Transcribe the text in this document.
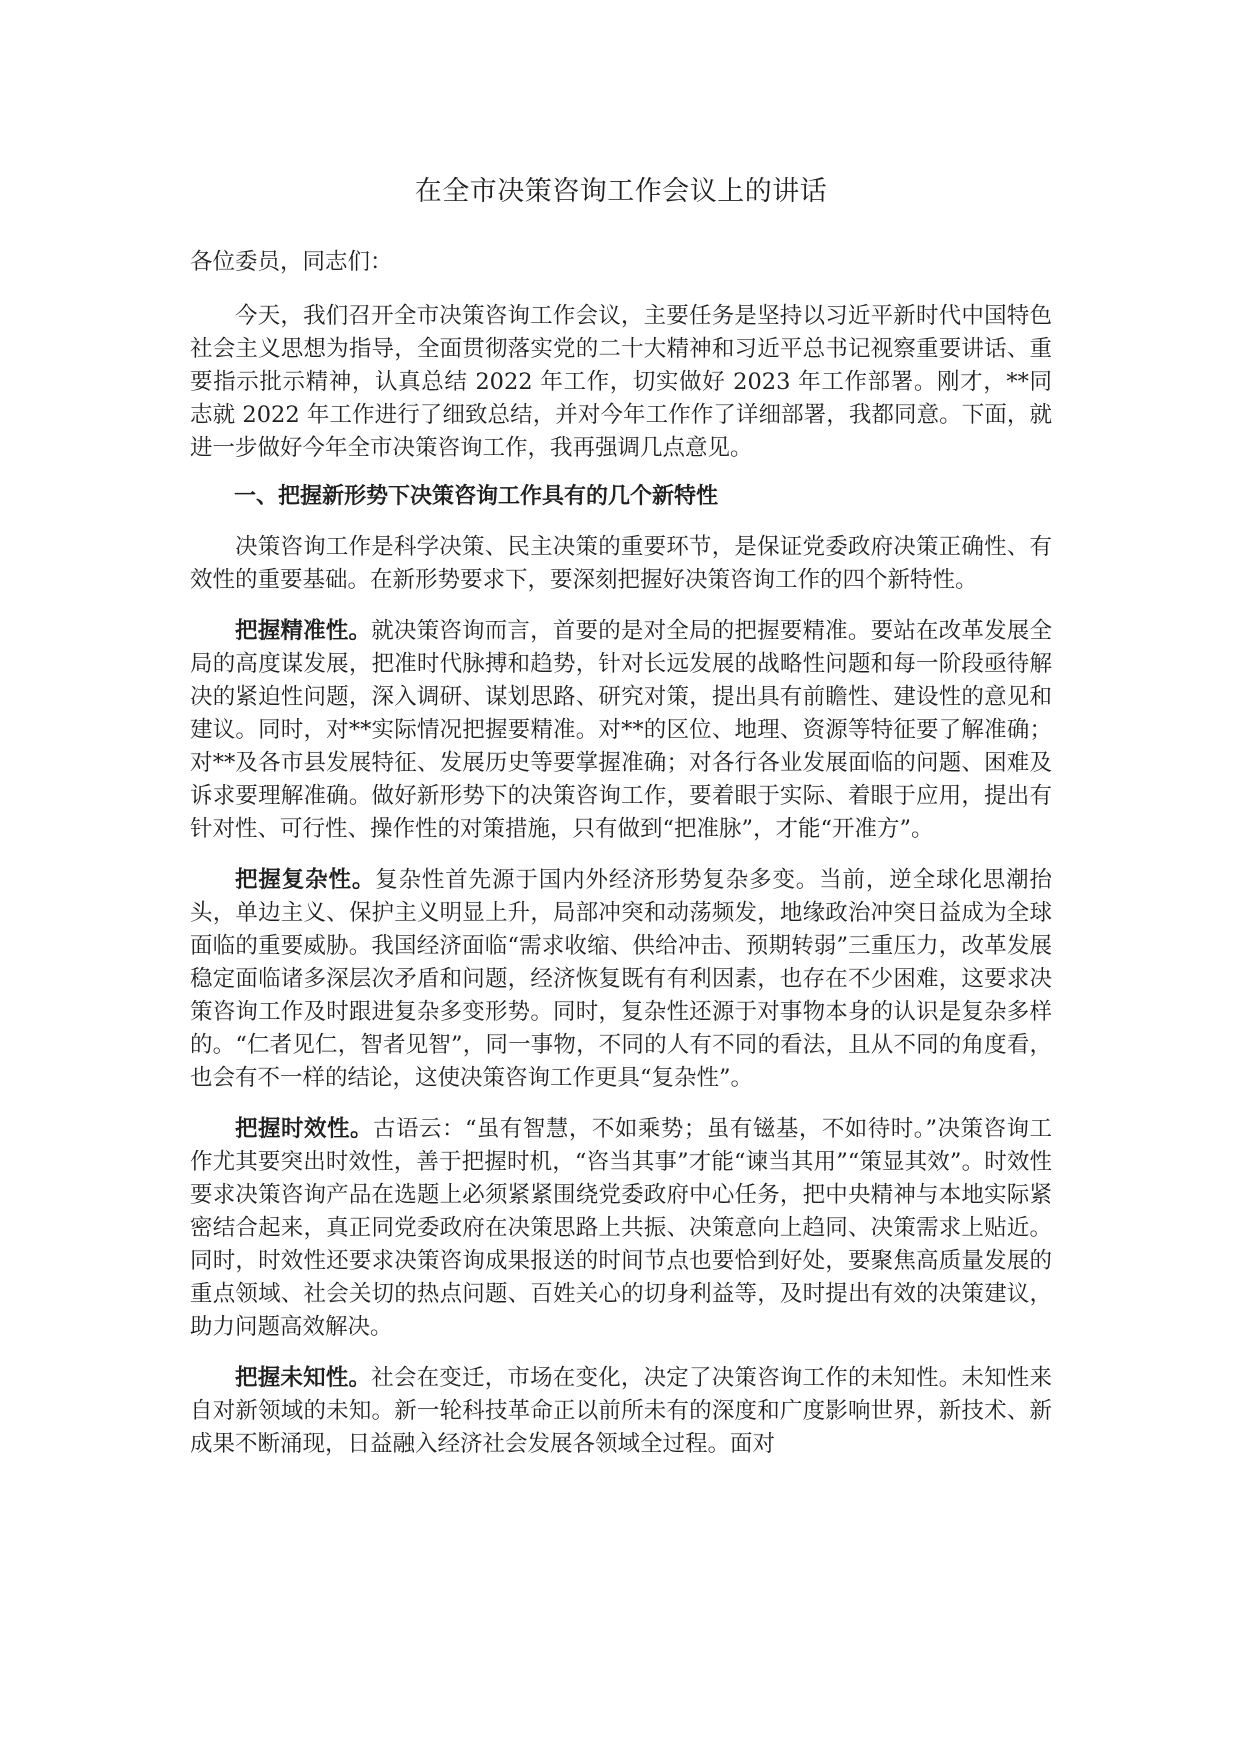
在全市决策咨询工作会议上的讲话

各位委员，同志们：

今天，我们召开全市决策咨询工作会议，主要任务是坚持以习近平新时代中国特色社会主义思想为指导，全面贯彻落实党的二十大精神和习近平总书记视察重要讲话、重要指示批示精神，认真总结 2022 年工作，切实做好 2023 年工作部署。刚才，**同志就 2022 年工作进行了细致总结，并对今年工作作了详细部署，我都同意。下面，就进一步做好今年全市决策咨询工作，我再强调几点意见。

一、把握新形势下决策咨询工作具有的几个新特性

决策咨询工作是科学决策、民主决策的重要环节，是保证党委政府决策正确性、有效性的重要基础。在新形势要求下，要深刻把握好决策咨询工作的四个新特性。

把握精准性。就决策咨询而言，首要的是对全局的把握要精准。要站在改革发展全局的高度谋发展，把准时代脉搏和趋势，针对长远发展的战略性问题和每一阶段亟待解决的紧迫性问题，深入调研、谋划思路、研究对策，提出具有前瞻性、建设性的意见和建议。同时，对**实际情况把握要精准。对**的区位、地理、资源等特征要了解准确；对**及各市县发展特征、发展历史等要掌握准确；对各行各业发展面临的问题、困难及诉求要理解准确。做好新形势下的决策咨询工作，要着眼于实际、着眼于应用，提出有针对性、可行性、操作性的对策措施，只有做到“把准脉”，才能“开准方”。

把握复杂性。复杂性首先源于国内外经济形势复杂多变。当前，逆全球化思潮抬头，单边主义、保护主义明显上升，局部冲突和动荡频发，地缘政治冲突日益成为全球面临的重要威胁。我国经济面临“需求收缩、供给冲击、预期转弱”三重压力，改革发展稳定面临诸多深层次矛盾和问题，经济恢复既有有利因素，也存在不少困难，这要求决策咨询工作及时跟进复杂多变形势。同时，复杂性还源于对事物本身的认识是复杂多样的。“仁者见仁，智者见智”，同一事物，不同的人有不同的看法，且从不同的角度看，也会有不一样的结论，这使决策咨询工作更具“复杂性”。

把握时效性。古语云：“虽有智慧，不如乘势；虽有镃基，不如待时。”决策咨询工作尤其要突出时效性，善于把握时机，“咨当其事”才能“谏当其用”“策显其效”。时效性要求决策咨询产品在选题上必须紧紧围绕党委政府中心任务，把中央精神与本地实际紧密结合起来，真正同党委政府在决策思路上共振、决策意向上趋同、决策需求上贴近。同时，时效性还要求决策咨询成果报送的时间节点也要恰到好处，要聚焦高质量发展的重点领域、社会关切的热点问题、百姓关心的切身利益等，及时提出有效的决策建议，助力问题高效解决。

把握未知性。社会在变迁，市场在变化，决定了决策咨询工作的未知性。未知性来自对新领域的未知。新一轮科技革命正以前所未有的深度和广度影响世界，新技术、新成果不断涌现，日益融入经济社会发展各领域全过程。面对
